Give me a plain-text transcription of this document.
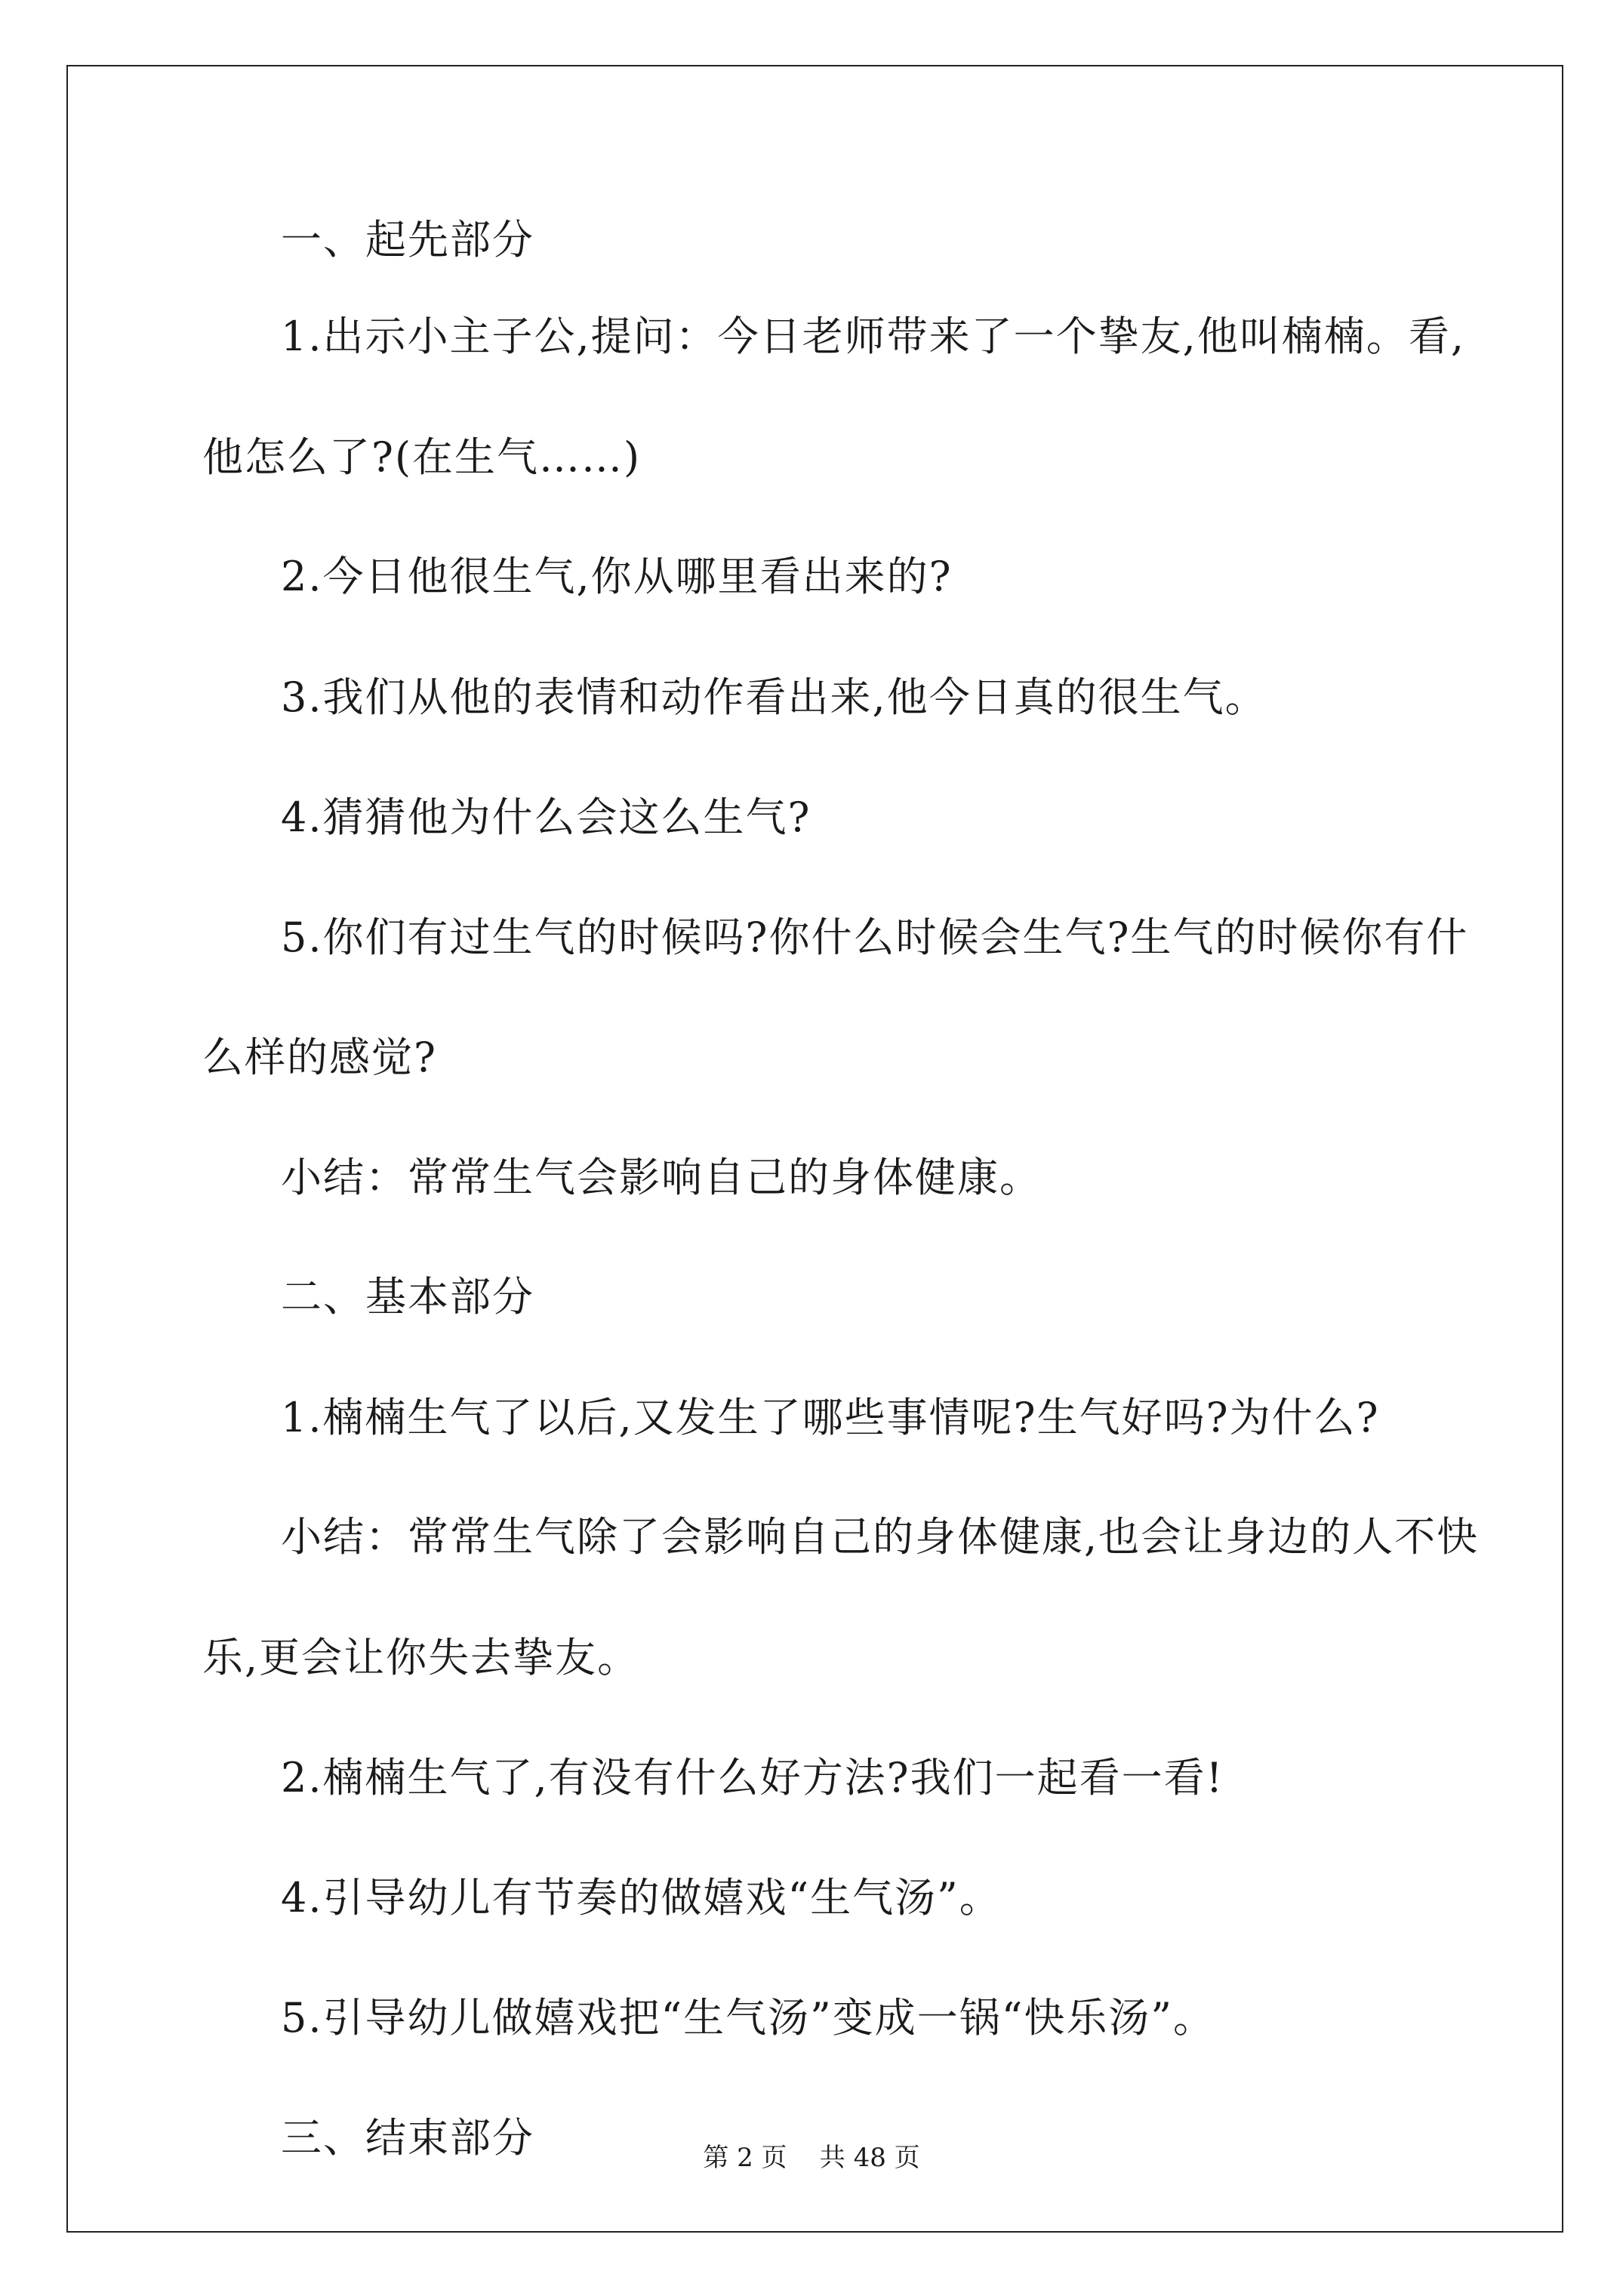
一、起先部分
1.出示小主子公,提问：今日老师带来了一个挚友,他叫楠楠。看,
他怎么了?(在生气……)
2.今日他很生气,你从哪里看出来的?
3.我们从他的表情和动作看出来,他今日真的很生气。
4.猜猜他为什么会这么生气?
5.你们有过生气的时候吗?你什么时候会生气?生气的时候你有什
么样的感觉?
小结：常常生气会影响自己的身体健康。
二、基本部分
1.楠楠生气了以后,又发生了哪些事情呢?生气好吗?为什么?
小结：常常生气除了会影响自己的身体健康,也会让身边的人不快
乐,更会让你失去挚友。
2.楠楠生气了,有没有什么好方法?我们一起看一看!
4.引导幼儿有节奏的做嬉戏“生气汤”。
5.引导幼儿做嬉戏把“生气汤”变成一锅“快乐汤”。
三、结束部分	第 2 页    共 48 页
